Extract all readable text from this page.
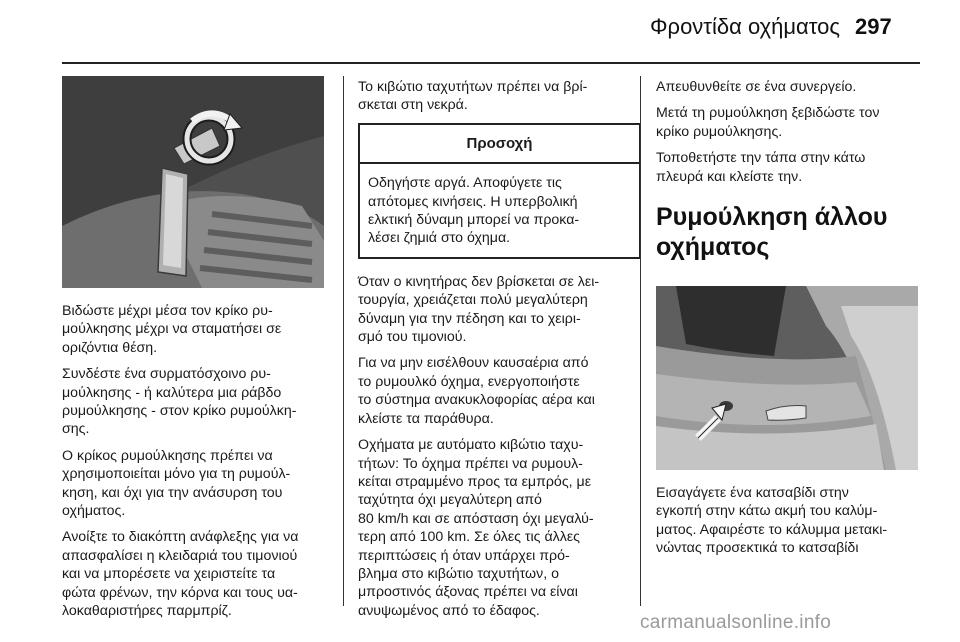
Φροντίδα οχήματος 297

Βιδώστε μέχρι μέσα τον κρίκο ρυ-
μούλκησης μέχρι να σταματήσει σε
οριζόντια θέση.

Συνδέστε ένα συρματόσχοινο ρυ-
μούλκησης - ή καλύτερα μια ράβδο
ρυμούλκησης - στον κρίκο ρυμούλκη-
σης.

Ο κρίκος ρυμούλκησης πρέπει να
χρησιμοποιείται μόνο για τη ρυμούλ-
κηση, και όχι για την ανάσυρση του
οχήματος.

Ανοίξτε το διακόπτη ανάφλεξης για να
απασφαλίσει η κλειδαριά του τιμονιού
και να μπορέσετε να χειριστείτε τα
φώτα φρένων, την κόρνα και τους υα-
λοκαθαριστήρες παρμπρίζ.

Το κιβώτιο ταχυτήτων πρέπει να βρί-
σκεται στη νεκρά.

Προσοχή

Οδηγήστε αργά. Αποφύγετε τις
απότομες κινήσεις. Η υπερβολική
ελκτική δύναμη μπορεί να προκα-
λέσει ζημιά στο όχημα.

Όταν ο κινητήρας δεν βρίσκεται σε λει-
τουργία, χρειάζεται πολύ μεγαλύτερη
δύναμη για την πέδηση και το χειρι-
σμό του τιμονιού.

Για να μην εισέλθουν καυσαέρια από
το ρυμουλκό όχημα, ενεργοποιήστε
το σύστημα ανακυκλοφορίας αέρα και
κλείστε τα παράθυρα.

Οχήματα με αυτόματο κιβώτιο ταχυ-
τήτων: Το όχημα πρέπει να ρυμουλ-
κείται στραμμένο προς τα εμπρός, με
ταχύτητα όχι μεγαλύτερη από
80 km/h και σε απόσταση όχι μεγαλύ-
τερη από 100 km. Σε όλες τις άλλες
περιπτώσεις ή όταν υπάρχει πρό-
βλημα στο κιβώτιο ταχυτήτων, ο
μπροστινός άξονας πρέπει να είναι
ανυψωμένος από το έδαφος.

Απευθυνθείτε σε ένα συνεργείο.

Μετά τη ρυμούλκηση ξεβιδώστε τον
κρίκο ρυμούλκησης.

Τοποθετήστε την τάπα στην κάτω
πλευρά και κλείστε την.

Ρυμούλκηση άλλου
οχήματος

Εισαγάγετε ένα κατσαβίδι στην
εγκοπή στην κάτω ακμή του καλύμ-
ματος. Αφαιρέστε το κάλυμμα μετακι-
νώντας προσεκτικά το κατσαβίδι

carmanualsonline.info
